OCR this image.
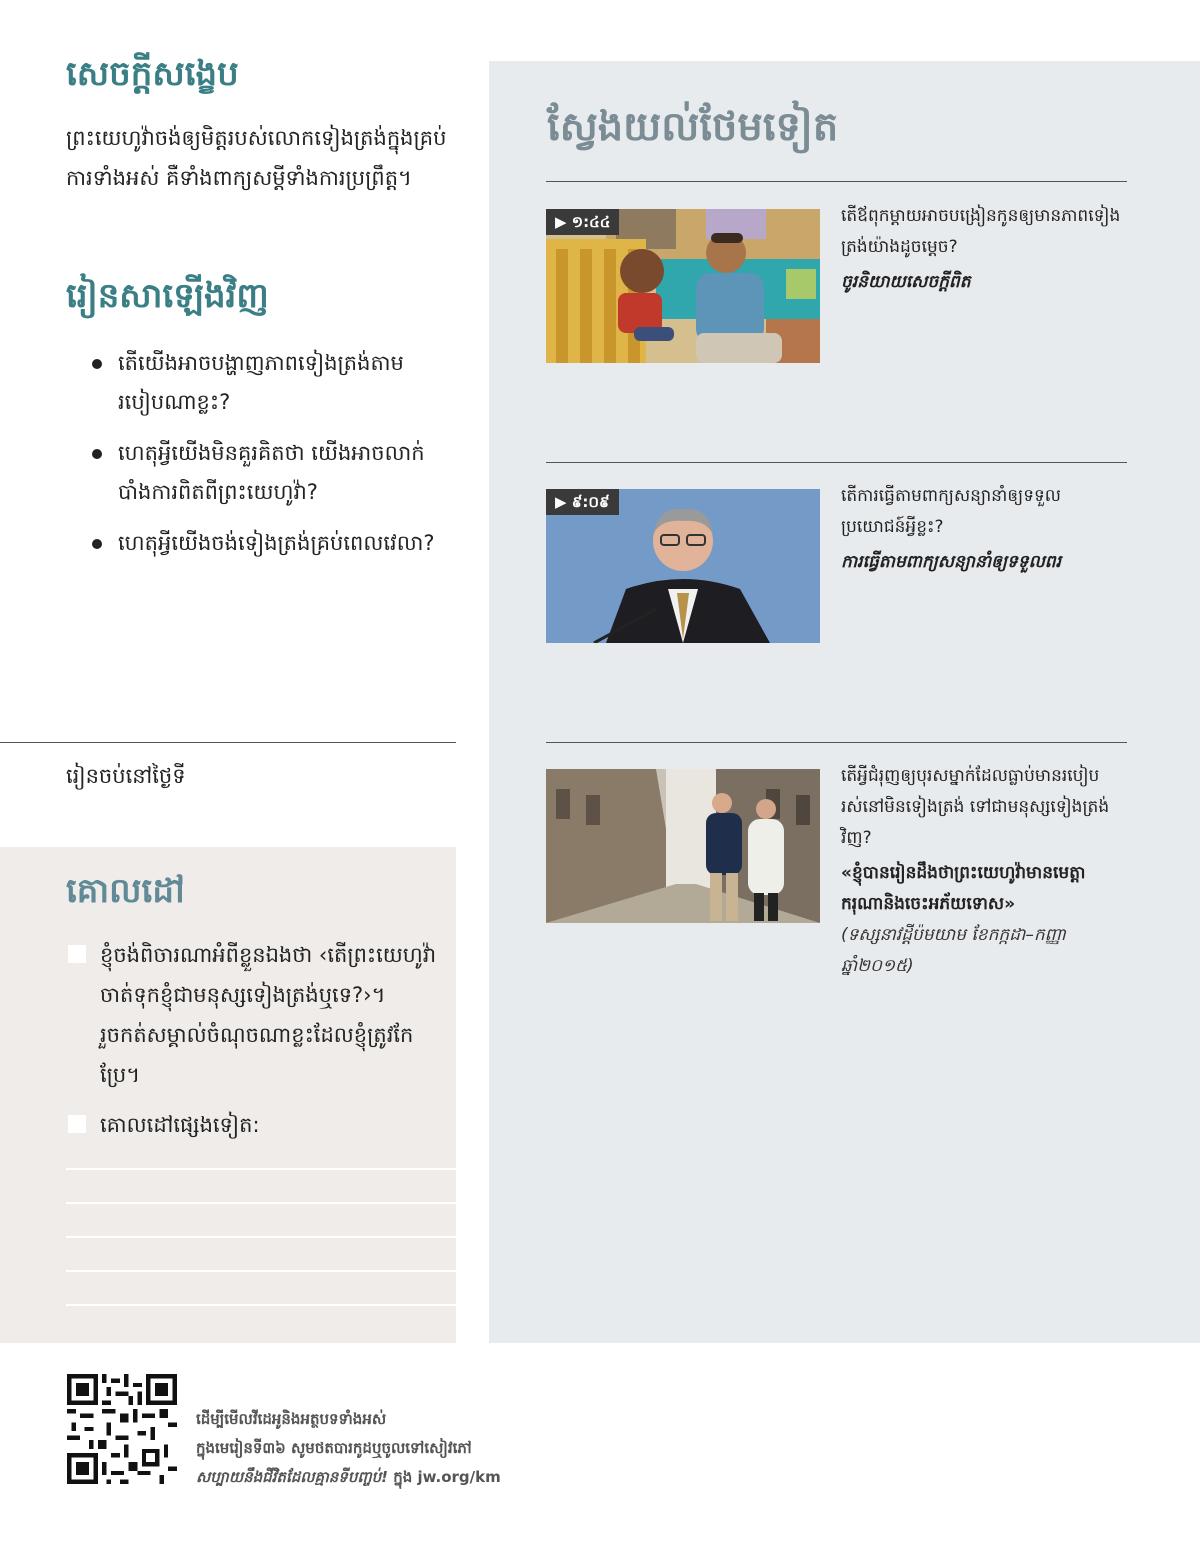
សេចក្ដីសង្ខេប

ព្រះយេហូវ៉ាចង់ឲ្យមិត្តរបស់លោកទៀងត្រង់ក្នុងគ្រប់ការទាំងអស់ គឺទាំងពាក្យសម្ដីទាំងការប្រព្រឹត្ត។

រៀនសាឡើងវិញ
តើយើងអាចបង្ហាញភាពទៀងត្រង់តាមរបៀបណាខ្លះ?
ហេតុអ្វីយើងមិនគួរគិតថា យើងអាចលាក់បាំងការពិតពីព្រះយេហូវ៉ា?
ហេតុអ្វីយើងចង់ទៀងត្រង់គ្រប់ពេលវេលា?
រៀនចប់នៅថ្ងៃទី
គោលដៅ
ខ្ញុំចង់ពិចារណាអំពីខ្លួនឯងថា ‹តើព្រះយេហូវ៉ាចាត់ទុកខ្ញុំជាមនុស្សទៀងត្រង់ឬទេ?›។ រួចកត់សម្គាល់ចំណុចណាខ្លះដែលខ្ញុំត្រូវកែប្រែ។
គោលដៅផ្សេងទៀត:
ស្វែងយល់ថែមទៀត
▶ ១:៤៤	តើឪពុកម្ដាយអាចបង្រៀនកូនឲ្យមានភាពទៀងត្រង់យ៉ាងដូចម្ដេច?
ចូរនិយាយសេចក្ដីពិត
▶ ៩:០៩	តើការធ្វើតាមពាក្យសន្យានាំឲ្យទទួលប្រយោជន៍អ្វីខ្លះ?
ការធ្វើតាមពាក្យសន្យានាំឲ្យទទួលពរ
តើអ្វីជំរុញឲ្យបុរសម្នាក់ដែលធ្លាប់មានរបៀបរស់នៅមិនទៀងត្រង់ ទៅជាមនុស្សទៀងត្រង់វិញ?
«ខ្ញុំបានរៀនដឹងថាព្រះយេហូវ៉ាមានមេត្តាករុណានិងចេះអភ័យទោស»
(ទស្សនាវដ្ដីប៉មយាម ខែកក្កដា–កញ្ញា ឆ្នាំ២០១៥)
ដើម្បីមើលវីដេអូនិងអត្ថបទទាំងអស់
ក្នុងមេរៀនទី៣៦ សូមថតបារកូដឬចូលទៅសៀវភៅ
សប្បាយនឹងជីវិតដែលគ្មានទីបញ្ចប់! ក្នុង jw.org/km
